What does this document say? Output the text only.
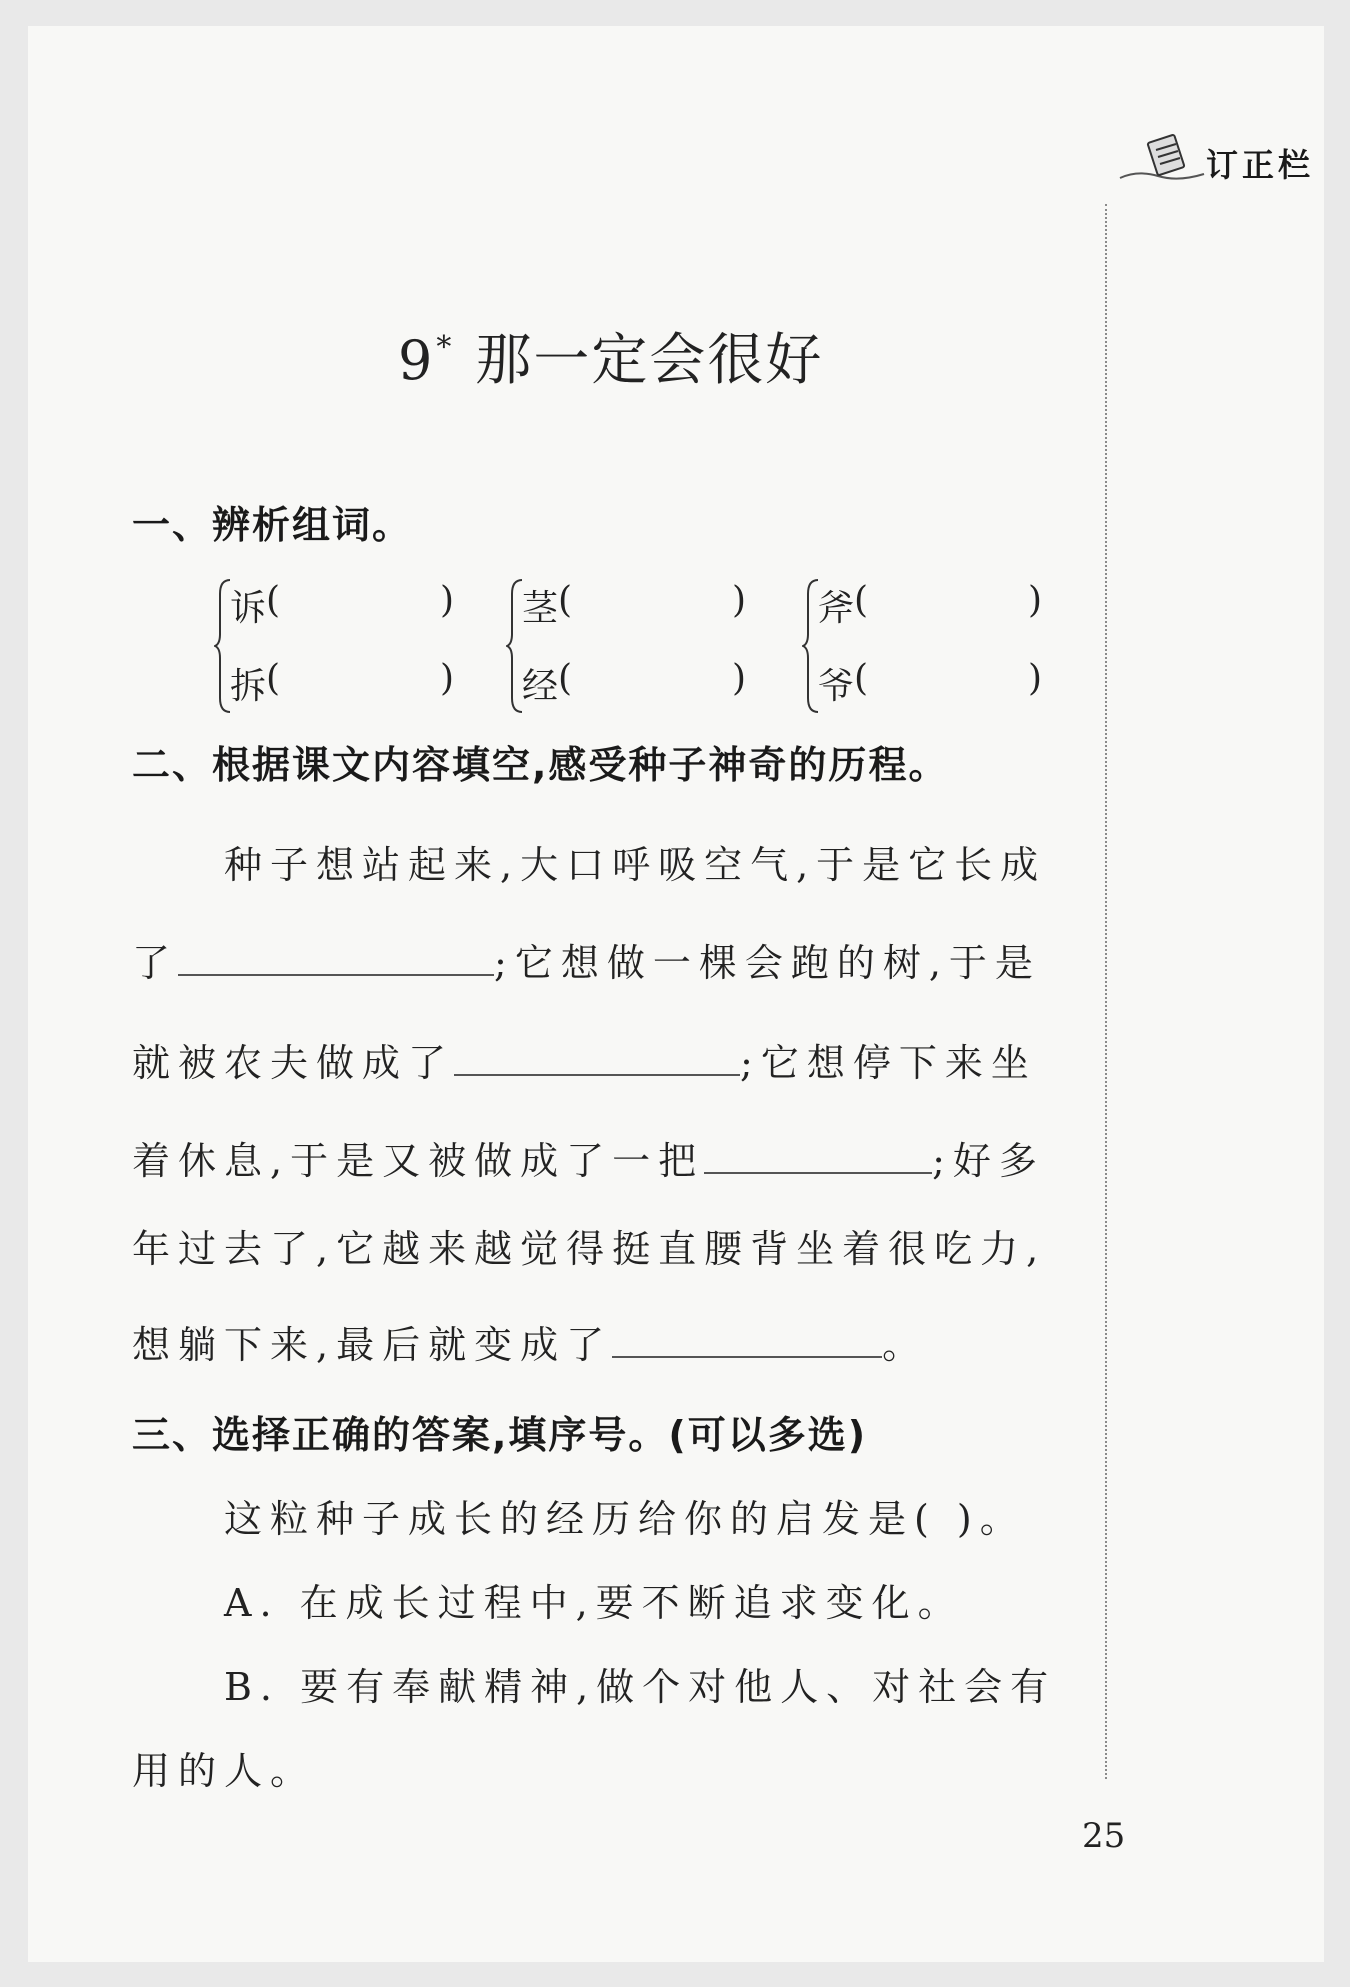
订正栏
9 * 那一定会很好
一、辨析组词。
诉 (	)
拆 (	)
茎 (	)
经 (	)
斧 (	)
爷 (	)
二、根据课文内容填空,感受种子神奇的历程。
种子想站起来,大口呼吸空气,于是它长成
了	;它想做一棵会跑的树,于是
就被农夫做成了	;它想停下来坐
着休息,于是又被做成了一把	;好多
年过去了,它越来越觉得挺直腰背坐着很吃力,
想躺下来,最后就变成了	。
三、选择正确的答案,填序号。(可以多选)
这粒种子成长的经历给你的启发是( )。
A. 在成长过程中,要不断追求变化。
B. 要有奉献精神,做个对他人、对社会有
用的人。
25
